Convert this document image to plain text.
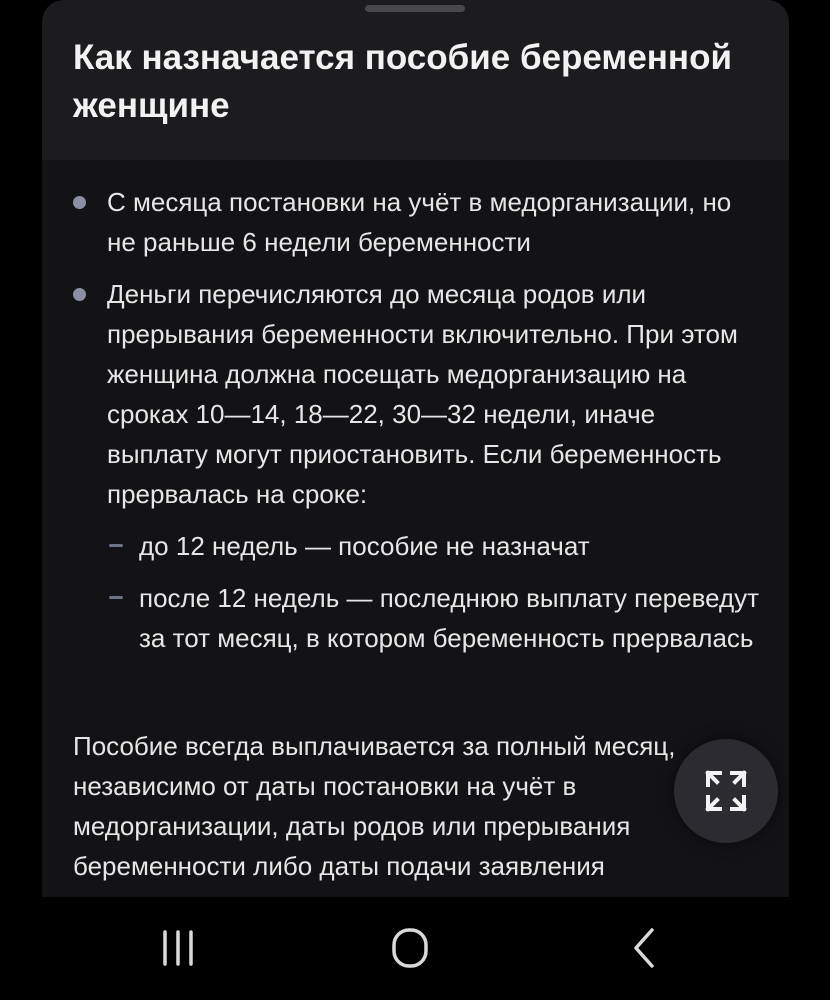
Как назначается пособие беременной женщине
С месяца постановки на учёт в медорганизации, но не раньше 6 недели беременности
Деньги перечисляются до месяца родов или прерывания беременности включительно. При этом женщина должна посещать медорганизацию на сроках 10—14, 18—22, 30—32 недели, иначе выплату могут приостановить. Если беременность прервалась на сроке:
до 12 недель — пособие не назначат
после 12 недель — последнюю выплату переведут за тот месяц, в котором беременность прервалась

Пособие всегда выплачивается за полный месяц, независимо от даты постановки на учёт в медорганизации, даты родов или прерывания беременности либо даты подачи заявления
